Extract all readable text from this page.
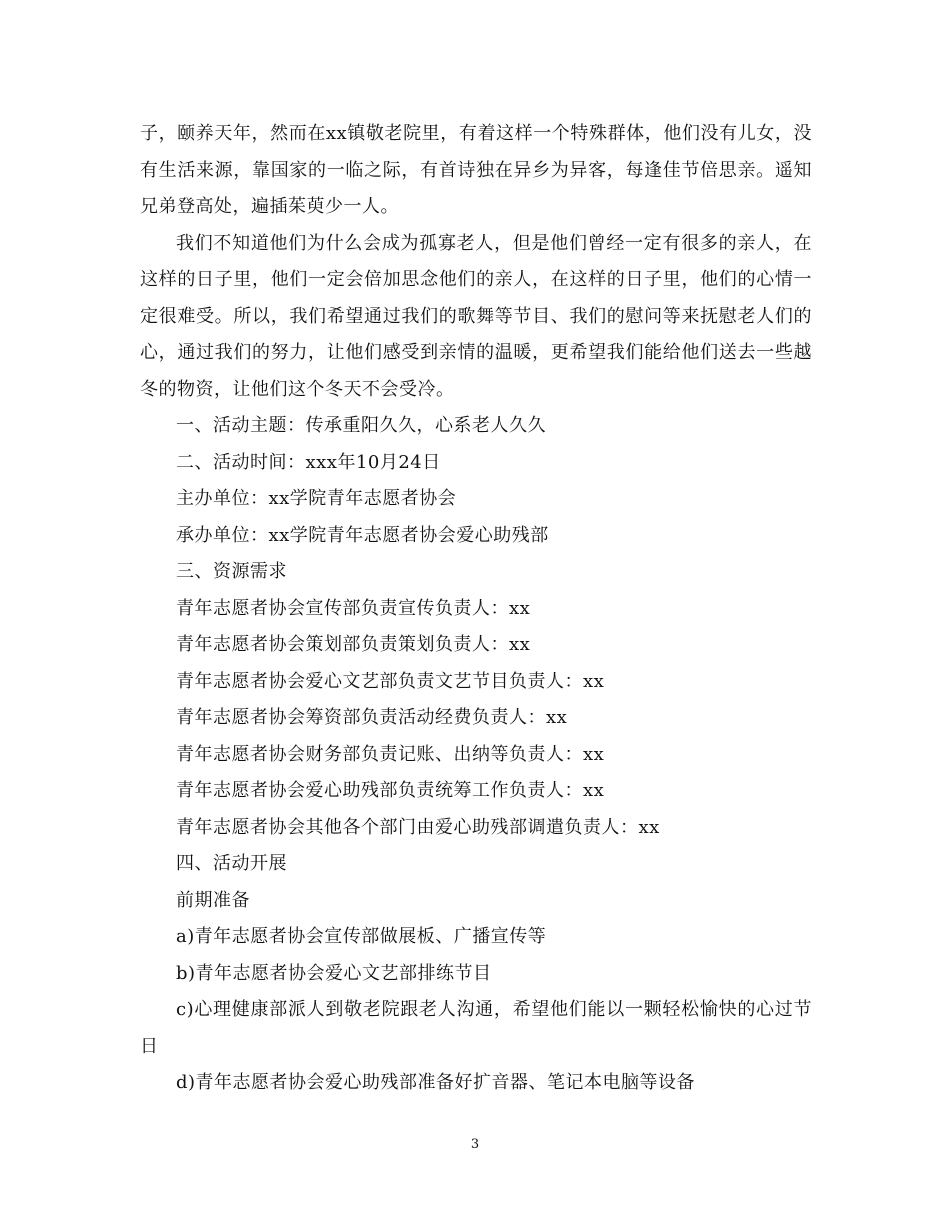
子，颐养天年，然而在xx镇敬老院里，有着这样一个特殊群体，他们没有儿女，没有生活来源，靠国家的一临之际，有首诗独在异乡为异客，每逢佳节倍思亲。遥知兄弟登高处，遍插茱萸少一人。

我们不知道他们为什么会成为孤寡老人，但是他们曾经一定有很多的亲人，在这样的日子里，他们一定会倍加思念他们的亲人，在这样的日子里，他们的心情一定很难受。所以，我们希望通过我们的歌舞等节目、我们的慰问等来抚慰老人们的心，通过我们的努力，让他们感受到亲情的温暖，更希望我们能给他们送去一些越冬的物资，让他们这个冬天不会受冷。

一、活动主题：传承重阳久久，心系老人久久

二、活动时间：xxx年10月24日

主办单位：xx学院青年志愿者协会

承办单位：xx学院青年志愿者协会爱心助残部

三、资源需求

青年志愿者协会宣传部负责宣传负责人：xx

青年志愿者协会策划部负责策划负责人：xx

青年志愿者协会爱心文艺部负责文艺节目负责人：xx

青年志愿者协会筹资部负责活动经费负责人：xx

青年志愿者协会财务部负责记账、出纳等负责人：xx

青年志愿者协会爱心助残部负责统筹工作负责人：xx

青年志愿者协会其他各个部门由爱心助残部调遣负责人：xx

四、活动开展

前期准备

a)青年志愿者协会宣传部做展板、广播宣传等

b)青年志愿者协会爱心文艺部排练节目

c)心理健康部派人到敬老院跟老人沟通，希望他们能以一颗轻松愉快的心过节日

d)青年志愿者协会爱心助残部准备好扩音器、笔记本电脑等设备

3
